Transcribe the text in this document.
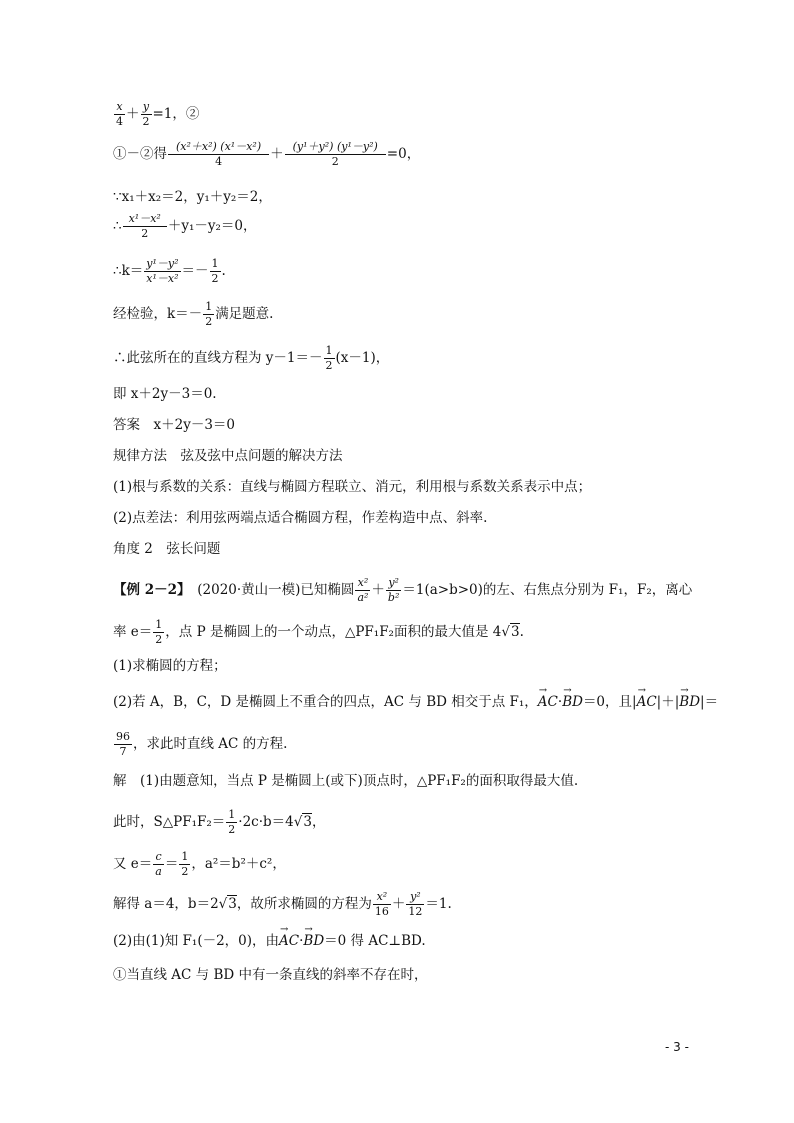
$\frac{x}{4} + \frac{y}{2} =1$，②
①－②得 $\frac{\text{(x²＋x²) (x¹－x²)}}{4} + \frac{\text{(y¹＋y²) (y¹－y²)}}{2} =0$，
∵x₁＋x₂＝2，y₁＋y₂＝2，
∴ $\frac{\text{x¹－x²}}{2} +y_1-y_2=0$，
∴k＝ $\frac{\text{y¹－y²}}{\text{x¹－x²}} =- \frac{1}{2}$ .
经检验，$k=- \frac{1}{2}$ 满足题意.
∴此弦所在的直线方程为 $y-1=- \frac{1}{2} (x-1)$，
即 x＋2y－3＝0.
答案　x＋2y－3＝0
规律方法　弦及弦中点问题的解决方法
(1)根与系数的关系：直线与椭圆方程联立、消元，利用根与系数关系表示中点；
(2)点差法：利用弦两端点适合椭圆方程，作差构造中点、斜率.
角度 2　弦长问题
【例 2－2】　 (2020·黄山一模)已知椭圆 $\frac{\text{x²}}{\text{a²}} + \frac{\text{y²}}{\text{b²}} =1(a>b>0)$的左、右焦点分别为 F₁，F₂，离心
率 $e= \frac{1}{2}$ ，点 P 是椭圆上的一个动点，△PF₁F₂面积的最大值是 4√3.
(1)求椭圆的方程；
(2)若 A，B，C，D 是椭圆上不重合的四点，AC 与 BD 相交于点 F₁，→ AC·→ BD＝0，且|→ AC|＋|→ BD|＝
$\frac{96}{7}$ ，求此时直线 AC 的方程.
解　(1)由题意知，当点 P 是椭圆上(或下)顶点时，△PF₁F₂的面积取得最大值.
此时，S△PF₁F₂＝ $\frac{1}{2} \cdot 2c\cdot b=4√3$，
又 $e= \frac{c}{a} = \frac{1}{2}$ ，a²＝b²＋c²，
解得 a＝4，b＝2√3，故所求椭圆的方程为 $\frac{\text{x²}}{16} + \frac{\text{y²}}{12} =1$.
(2)由(1)知 F₁(－2，0)，由→ AC·→ BD＝0 得 AC⊥BD.
①当直线 AC 与 BD 中有一条直线的斜率不存在时，
- 3 -
